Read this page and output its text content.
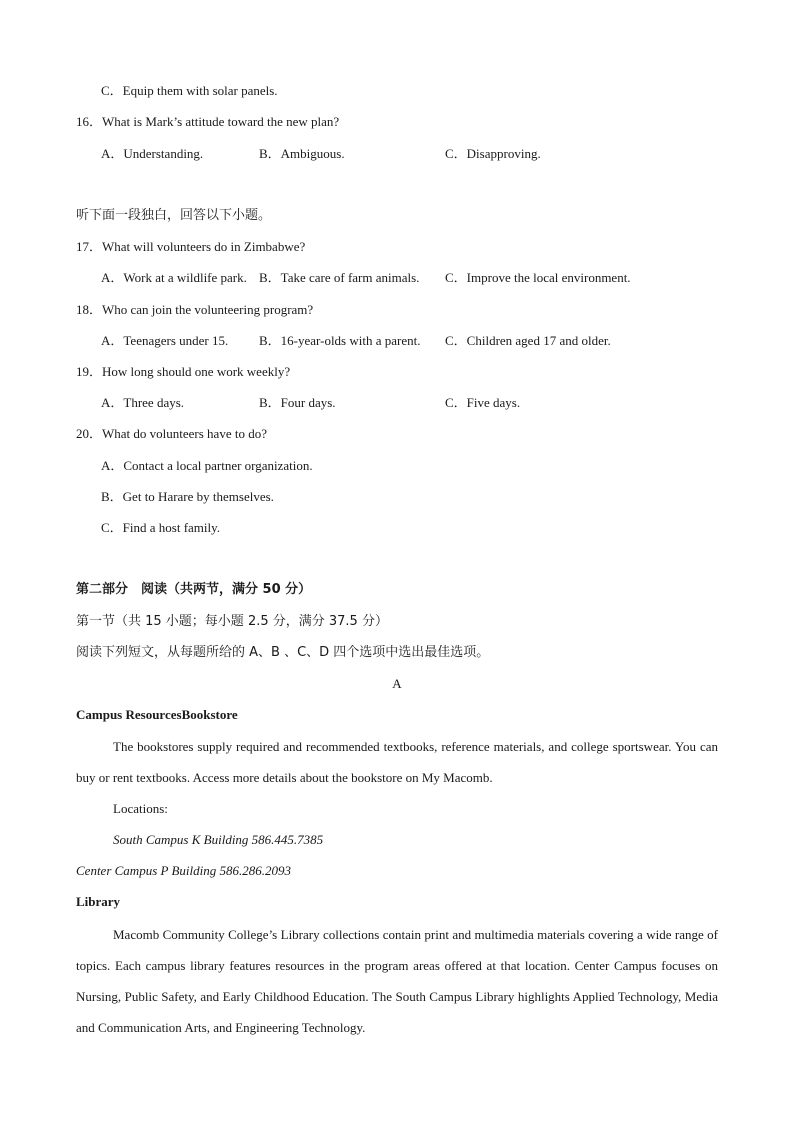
C．Equip them with solar panels.
16．What is Mark’s attitude toward the new plan?
A．Understanding.	B．Ambiguous.	C．Disapproving.
听下面一段独白，回答以下小题。
17．What will volunteers do in Zimbabwe?
A．Work at a wildlife park. B．Take care of farm animals. C．Improve the local environment.
18．Who can join the volunteering program?
A．Teenagers under 15. B．16-year-olds with a parent. C．Children aged 17 and older.
19．How long should one work weekly?
A．Three days.	B．Four days.	C．Five days.
20．What do volunteers have to do?
A．Contact a local partner organization.
B．Get to Harare by themselves.
C．Find a host family.
第二部分　阅读（共两节，满分 50 分）
第一节（共 15 小题；每小题 2.5 分，满分 37.5 分）
阅读下列短文，从每题所给的 A、B 、C、D 四个选项中选出最佳选项。
A
Campus ResourcesBookstore
The bookstores supply required and recommended textbooks, reference materials, and college sportswear. You can buy or rent textbooks. Access more details about the bookstore on My Macomb.
Locations:
South Campus K Building 586.445.7385
Center Campus P Building 586.286.2093
Library
Macomb Community College’s Library collections contain print and multimedia materials covering a wide range of topics. Each campus library features resources in the program areas offered at that location. Center Campus focuses on Nursing, Public Safety, and Early Childhood Education. The South Campus Library highlights Applied Technology, Media and Communication Arts, and Engineering Technology.
